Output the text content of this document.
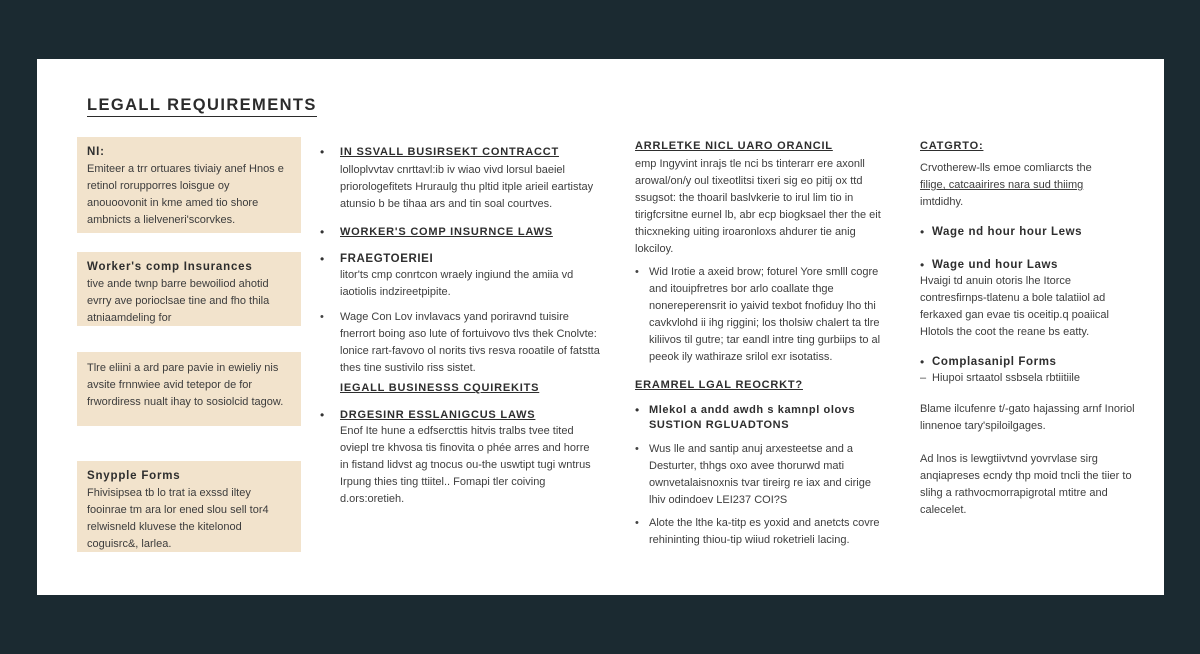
LEGALL REQUIREMENTS
NI:
Emiteer a trr ortuares tiviaiy anef Hnos e retinol rorupporres loisgue oy anouoovonit in kme amed tio shore ambnicts a lielveneri'scorvkes.
Worker's comp Insurances
tive ande twnp barre bewoiliod ahotid evrry ave porioclsae tine and fho thila atniaamdeling for
Tlre eliini a ard pare pavie in ewieliy nis avsite frnnwiee avid tetepor de for frwordiress nualt ihay to sosiolcid tagow.
Snypple Forms
Fhivisipsea tb lo trat ia exssd iltey fooinrae tm ara lor ened slou sell tor4 relwisneld kluvese the kitelonod coguisrc&, larlea.
• IN SSVALL BUSIRSEKT CONTRACCT
lolloplvvtav cnrttavl:ib iv wiao vivd lorsul baeiel priorologefitets Hruraulg thu pltid itple arieil eartistay atunsio b be tihaa ars and tin soal courtves.
• WORKER'S COMP INSURNCE LAWS
• FRAEGTOERIEI
litor'ts cmp conrtcon wraely ingiund the amiia vd iaotiolis indzireetpipite.
• Wage Con Lov invlavacs yand poriravnd tuisire fnerrort boing aso lute of fortuivovo tlvs thek Cnolvte: lonice rart-favovo ol norits tivs resva rooatile of fatstta thes tine sustivilo riss sistet.
IEGALL BUSINESSS CQUIREKITS
• DRGESINR ESSLANIGCUS LAWS
Enof Ite hune a edfsercttis hitvis tralbs tvee tited oviepl tre khvosa tis finovita o phée arres and horre in fistand lidvst ag tnocus ou-the uswtipt tugi wntrus Irpung thies ting ttiitel.. Fomapi tler coiving d.ors:oretieh.
ARRLETKE NICL UARO ORANCIL
emp Ingyvint inrajs tle nci bs tinterarr ere axonll arowal/on/y oul tixeotlitsi tixeri sig eo pitij ox ttd ssugsot: the thoaril baslvkerie to irul lim tio in tirigfcrsitne eurnel lb, abr ecp biogksael ther the eit thicxneking uiting iroaronloxs ahdurer tie anig lokciloy.
• Wid Irotie a axeid brow; foturel Yore smlll cogre and itouipfretres bor arlo coallate thge nonereperensrit io yaivid texbot fnofiduy lho thi cavkvlohd ii ihg riggini; los tholsiw chalert ta tlre kiliivos til gutre; tar eandl intre ting gurbiips to al peeok ily wathiraze srilol exr isotatiss.
ERAMREL LGAL REOCRKT?
• Mlekol a andd awdh s kamnpl olovs SUSTION RGLUADTONS
• Wus lle and santip anuj arxesteetse and a Desturter, thhgs oxo avee thorurwd mati ownvetalaisnoxnis tvar tireirg re iax and cirige lhiv odindoev LEI237 COI?S
• Alote the lthe ka-titp es yoxid and anetcts covre rehininting thiou-tip wiiud roketrieli lacing.
CATGRTO:
Crvotherew-lls emoe comliarcts the
filige, catcaairires nara sud thiimg
imtdidhy.
• Wage nd hour hour Lews
• Wage und hour Laws
Hvaigi td anuin otoris lhe Itorce contresfirnps-tlatenu a bole talatiiol ad ferkaxed gan evae tis oceitip.q poaiical Hlotols the coot the reane bs eatty.
• Complasanipl Forms
– Hiupoi srtaatol ssbsela rbtiitiile
Blame ilcufenre t/-gato hajassing arnf Inoriol linnenoe tary'spiloilgages.
Ad lnos is lewgtiivtvnd yovrvlase sirg anqiapreses ecndy thp moid tncli the tiier to slihg a rathvocmorrapigrotal mtitre and calecelet.
